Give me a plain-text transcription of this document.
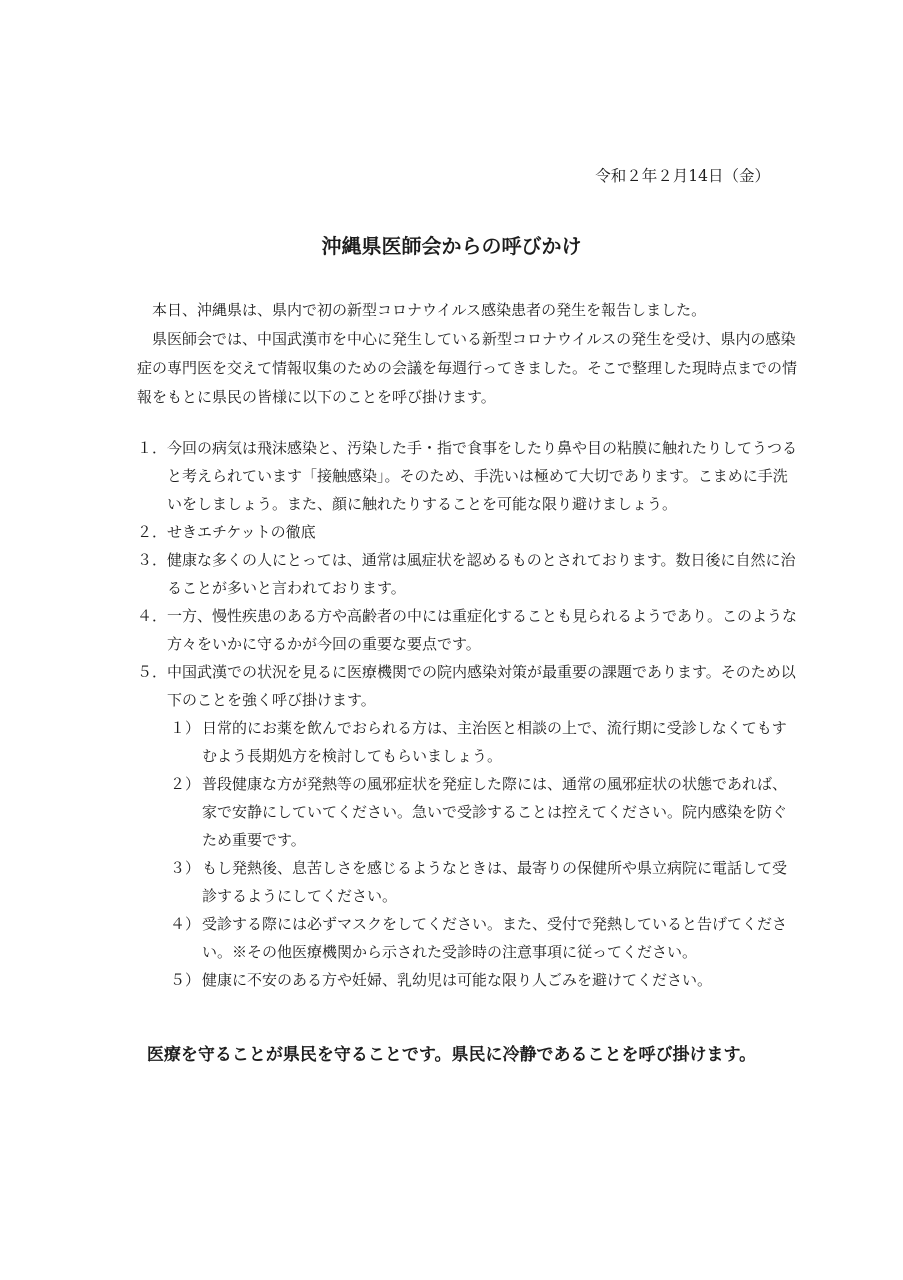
令和２年２月14日（金）
沖縄県医師会からの呼びかけ

本日、沖縄県は、県内で初の新型コロナウイルス感染患者の発生を報告しました。

県医師会では、中国武漢市を中心に発生している新型コロナウイルスの発生を受け、県内の感染症の専門医を交えて情報収集のための会議を毎週行ってきました。そこで整理した現時点までの情報をもとに県民の皆様に以下のことを呼び掛けます。

１． 今回の病気は飛沫感染と、汚染した手・指で食事をしたり鼻や目の粘膜に触れたりしてうつると考えられています「接触感染」。そのため、手洗いは極めて大切であります。こまめに手洗いをしましょう。また、顔に触れたりすることを可能な限り避けましょう。
２． せきエチケットの徹底
３． 健康な多くの人にとっては、通常は風症状を認めるものとされております。数日後に自然に治ることが多いと言われております。
４． 一方、慢性疾患のある方や高齢者の中には重症化することも見られるようであり。このような方々をいかに守るかが今回の重要な要点です。
５． 中国武漢での状況を見るに医療機関での院内感染対策が最重要の課題であります。そのため以下のことを強く呼び掛けます。
１） 日常的にお薬を飲んでおられる方は、主治医と相談の上で、流行期に受診しなくてもすむよう長期処方を検討してもらいましょう。
２） 普段健康な方が発熱等の風邪症状を発症した際には、通常の風邪症状の状態であれば、家で安静にしていてください。急いで受診することは控えてください。院内感染を防ぐため重要です。
３） もし発熱後、息苦しさを感じるようなときは、最寄りの保健所や県立病院に電話して受診するようにしてください。
４） 受診する際には必ずマスクをしてください。また、受付で発熱していると告げてください。※その他医療機関から示された受診時の注意事項に従ってください。
５） 健康に不安のある方や妊婦、乳幼児は可能な限り人ごみを避けてください。
医療を守ることが県民を守ることです。県民に冷静であることを呼び掛けます。
